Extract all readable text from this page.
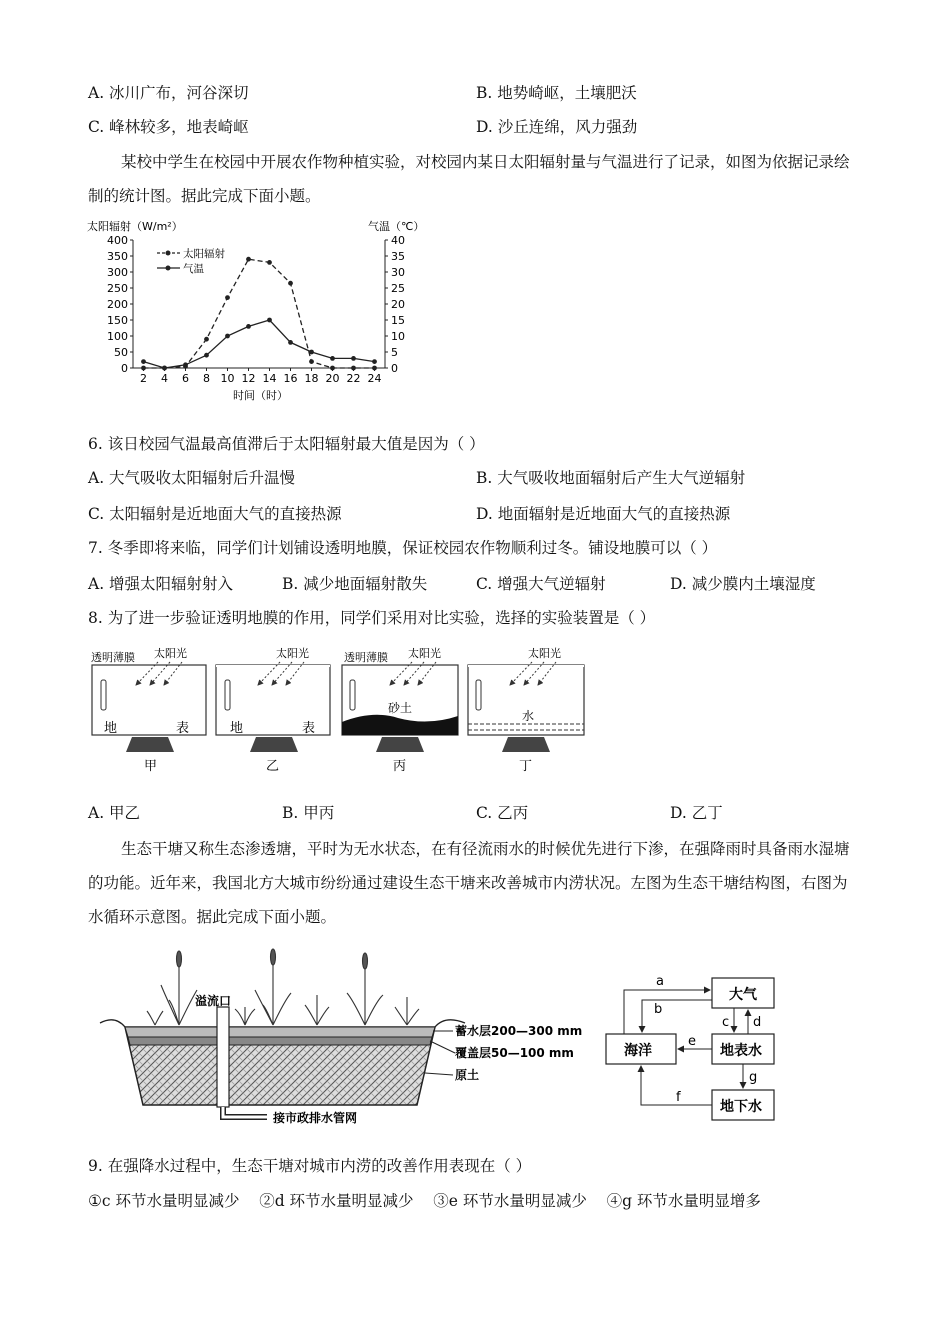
A. 冰川广布，河谷深切	B. 地势崎岖，土壤肥沃
C. 峰林较多，地表崎岖	D. 沙丘连绵，风力强劲
某校中学生在校园中开展农作物种植实验，对校园内某日太阳辐射量与气温进行了记录，如图为依据记录绘制的统计图。据此完成下面小题。
太阳辐射（W/m²）	气温（℃）
0
50
100
150
200
250
300
350
400
0
5
10
15
20
25
30
35
40
2 4 6 8 10 12 14 16 18 20 22 24
太阳辐射
气温
时间（时）
6. 该日校园气温最高值滞后于太阳辐射最大值是因为（ ）
A. 大气吸收太阳辐射后升温慢	B. 大气吸收地面辐射后产生大气逆辐射
C. 太阳辐射是近地面大气的直接热源	D. 地面辐射是近地面大气的直接热源
7. 冬季即将来临，同学们计划铺设透明地膜，保证校园农作物顺利过冬。铺设地膜可以（ ）
A. 增强太阳辐射射入	B. 减少地面辐射散失	C. 增强大气逆辐射	D. 减少膜内土壤湿度
8. 为了进一步验证透明地膜的作用，同学们采用对比实验，选择的实验装置是（ ）
透明薄膜 太阳光
地	表
甲
太阳光
地	表
乙
透明薄膜 太阳光
砂土
丙
太阳光
水
丁
A. 甲乙	B. 甲丙	C. 乙丙	D. 乙丁
生态干塘又称生态渗透塘，平时为无水状态，在有径流雨水的时候优先进行下渗，在强降雨时具备雨水湿塘的功能。近年来，我国北方大城市纷纷通过建设生态干塘来改善城市内涝状况。左图为生态干塘结构图，右图为水循环示意图。据此完成下面小题。
溢流口
蓄水层200—300 mm
覆盖层50—100 mm
原土
接市政排水管网
大气
海洋	地表水
地下水
a
b
c d
e
g
f
9. 在强降水过程中，生态干塘对城市内涝的改善作用表现在（ ）
①c 环节水量明显减少    ②d 环节水量明显减少    ③e 环节水量明显减少    ④g 环节水量明显增多
